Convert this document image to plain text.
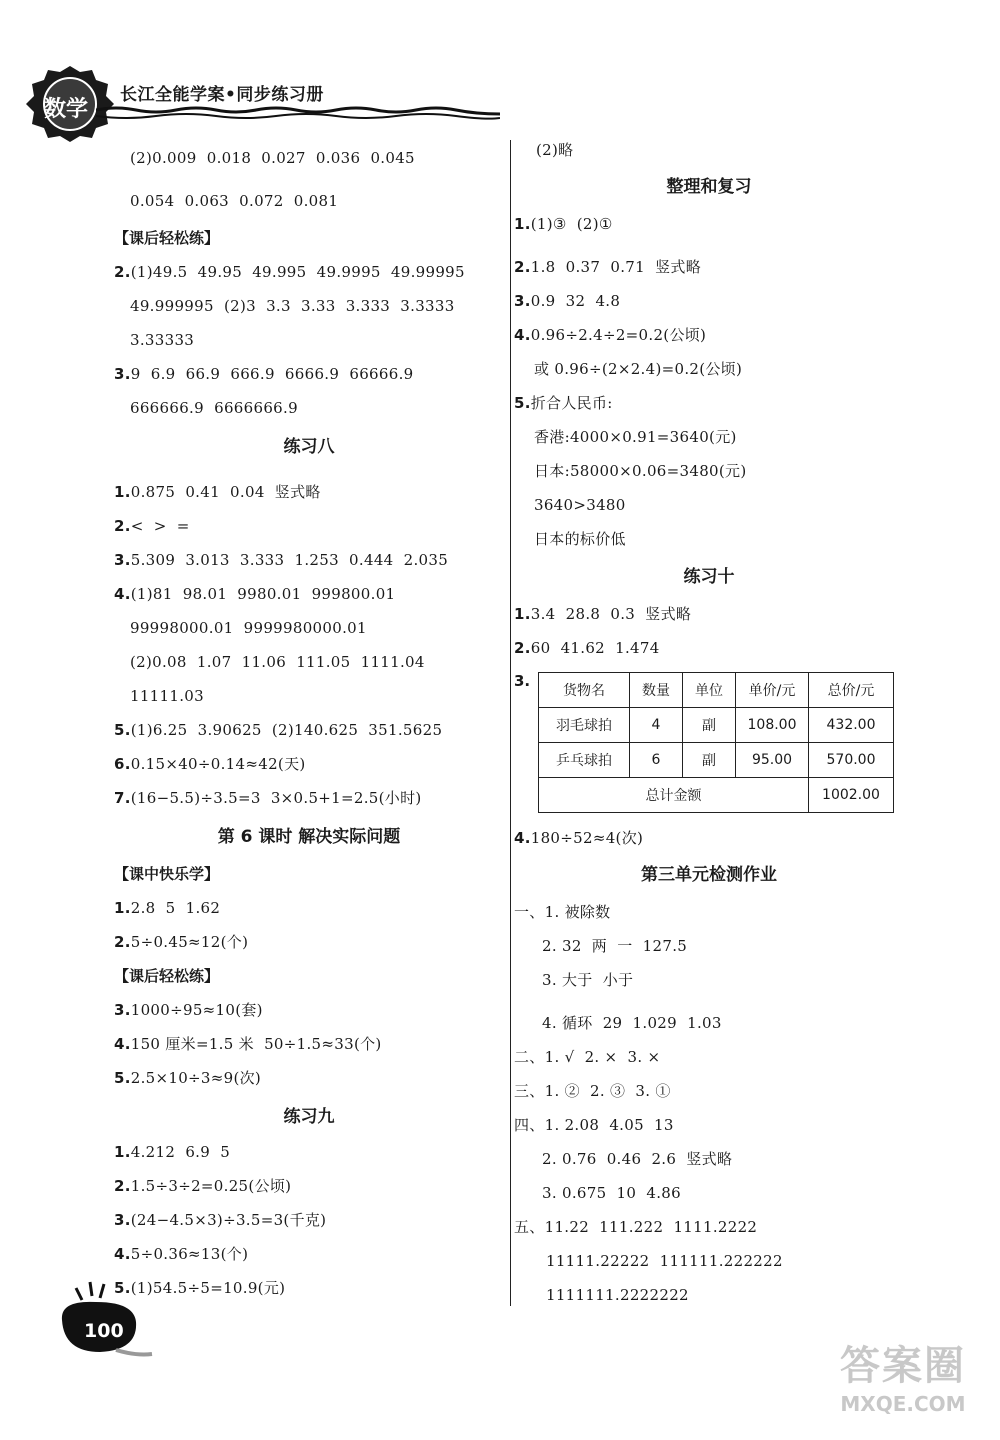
数学
长江全能学案•同步练习册
(2)0.009  0.018  0.027  0.036  0.045
0.054  0.063  0.072  0.081
【课后轻松练】
2.(1)49.5  49.95  49.995  49.9995  49.99995
49.999995  (2)3  3.3  3.33  3.333  3.3333
3.33333
3.9  6.9  66.9  666.9  6666.9  66666.9
666666.9  6666666.9
练习八
1.0.875  0.41  0.04  竖式略
2.<  >  =
3.5.309  3.013  3.333  1.253  0.444  2.035
4.(1)81  98.01  9980.01  999800.01
99998000.01  9999980000.01
(2)0.08  1.07  11.06  111.05  1111.04
11111.03
5.(1)6.25  3.90625  (2)140.625  351.5625
6.0.15×40÷0.14≈42(天)
7.(16−5.5)÷3.5=3  3×0.5+1=2.5(小时)
第 6 课时 解决实际问题
【课中快乐学】
1.2.8  5  1.62
2.5÷0.45≈12(个)
【课后轻松练】
3.1000÷95≈10(套)
4.150 厘米=1.5 米  50÷1.5≈33(个)
5.2.5×10÷3≈9(次)
练习九
1.4.212  6.9  5
2.1.5÷3÷2=0.25(公顷)
3.(24−4.5×3)÷3.5=3(千克)
4.5÷0.36≈13(个)
5.(1)54.5÷5=10.9(元)
(2)略
整理和复习
1.(1)③  (2)①
2.1.8  0.37  0.71  竖式略
3.0.9  32  4.8
4.0.96÷2.4÷2=0.2(公顷)
或 0.96÷(2×2.4)=0.2(公顷)
5.折合人民币:
香港:4000×0.91=3640(元)
日本:58000×0.06=3480(元)
3640>3480
日本的标价低
练习十
1.3.4  28.8  0.3  竖式略
2.60  41.62  1.474
3.
货物名	数量	单位	单价/元	总价/元
羽毛球拍	4	副	108.00	432.00
乒乓球拍	6	副	95.00	570.00
总计金额				1002.00
4.180÷52≈4(次)
第三单元检测作业
一、1. 被除数
2. 32  两  一  127.5
3. 大于  小于
4. 循环  29  1.029  1.03
二、1. √  2. ×  3. ×
三、1. ②  2. ③  3. ①
四、1. 2.08  4.05  13
2. 0.76  0.46  2.6  竖式略
3. 0.675  10  4.86
五、11.22  111.222  1111.2222
11111.22222  111111.222222
1111111.2222222
100
答案圈
MXQE.COM
